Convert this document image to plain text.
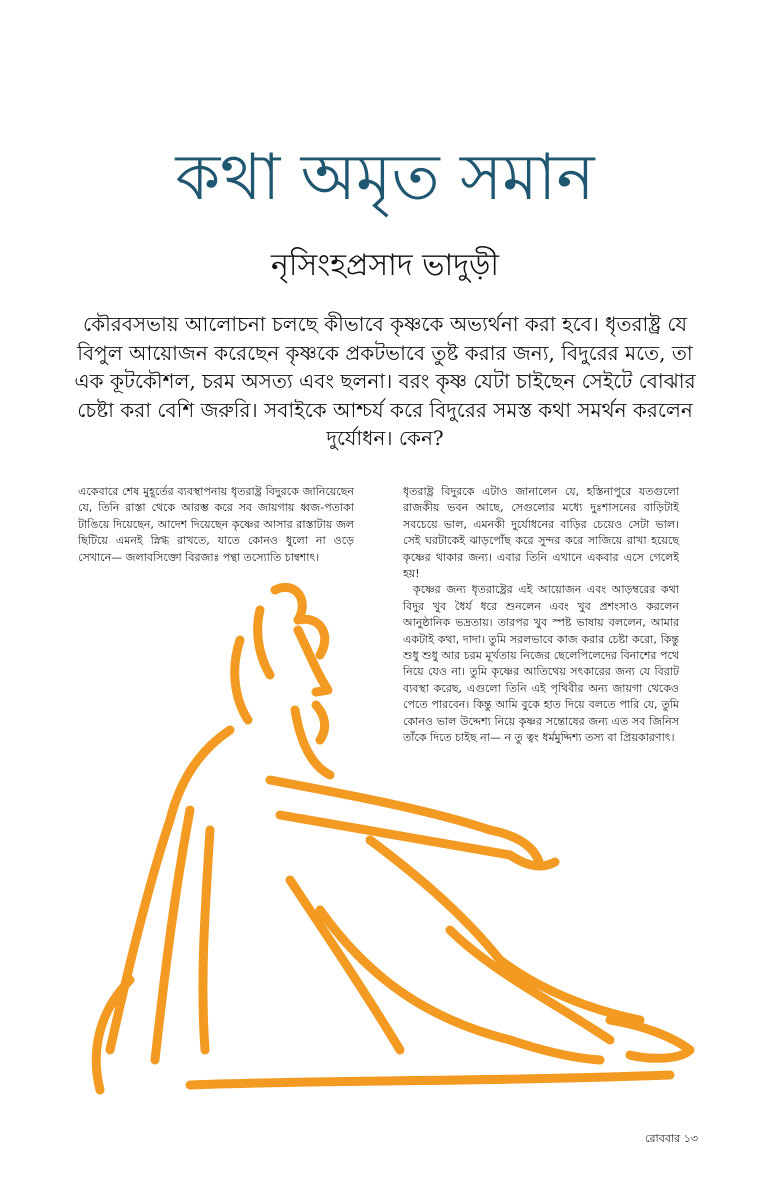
কথা অমৃত সমান
নৃসিংহপ্রসাদ ভাদুড়ী

কৌরবসভায় আলোচনা চলছে কীভাবে কৃষ্ণকে অভ্যর্থনা করা হবে। ধৃতরাষ্ট্র যে বিপুল আয়োজন করেছেন কৃষ্ণকে প্রকটভাবে তুষ্ট করার জন্য, বিদুরের মতে, তা এক কূটকৌশল, চরম অসত্য এবং ছলনা। বরং কৃষ্ণ যেটা চাইছেন সেইটে বোঝার চেষ্টা করা বেশি জরুরি। সবাইকে আশ্চর্য করে বিদুরের সমস্ত কথা সমর্থন করলেন দুর্যোধন। কেন?

একেবারে শেষ মুহূর্তের ব্যবস্থাপনায় ধৃতরাষ্ট্র বিদুরকে জানিয়েছেন যে, তিনি রাস্তা থেকে আরম্ভ করে সব জায়গায় ধ্বজ-পতাকা টাঙিয়ে দিয়েছেন, আদেশ দিয়েছেন কৃষ্ণের আসার রাস্তাটায় জল ছিটিয়ে এমনই স্নিগ্ধ রাখতে, যাতে কোনও ধুলো না ওড়ে সেখানে— জলাবসিক্তো বিরজাঃ পন্থা তস্যোতি চান্বশাৎ।

ধৃতরাষ্ট্র বিদুরকে এটাও জানালেন যে, হস্তিনাপুরে যতগুলো রাজকীয় ভবন আছে, সেগুলোর মধ্যে দুঃশাসনের বাড়িটাই সবচেয়ে ভাল, এমনকী দুর্যোধনের বাড়ির চেয়েও সেটা ভাল। সেই ঘরটাকেই ঝাড়পোঁছ করে সুন্দর করে সাজিয়ে রাখা হয়েছে কৃষ্ণের থাকার জন্য। এবার তিনি এখানে একবার এসে গেলেই হয়!

কৃষ্ণের জন্য ধৃতরাষ্ট্রের এই আয়োজন এবং আড়ম্বরের কথা বিদুর খুব ধৈর্য ধরে শুনলেন এবং খুব প্রশংসাও করলেন আনুষ্ঠানিক ভদ্রতায়। তারপর খুব স্পষ্ট ভাষায় বললেন, আমার একটাই কথা, দাদা। তুমি সরলভাবে কাজ করার চেষ্টা করো, কিন্তু শুধু শুধু আর চরম মূর্খতায় নিজের ছেলেপিলেদের বিনাশের পথে নিয়ে যেও না। তুমি কৃষ্ণের আতিথেয় সৎকারের জন্য যে বিরাট ব্যবস্থা করেছ, এগুলো তিনি এই পৃথিবীর অন্য জায়গা থেকেও পেতে পারবেন। কিন্তু আমি বুকে হাত দিয়ে বলতে পারি যে, তুমি কোনও ভাল উদ্দেশ্য নিয়ে কৃষ্ণর সন্তোষের জন্য এত সব জিনিস তাঁকে দিতে চাইছ না— ন তু ত্বং ধর্মমুদ্দিশ্য তস্য বা প্রিয়কারণাৎ।

রোববার ১৩
